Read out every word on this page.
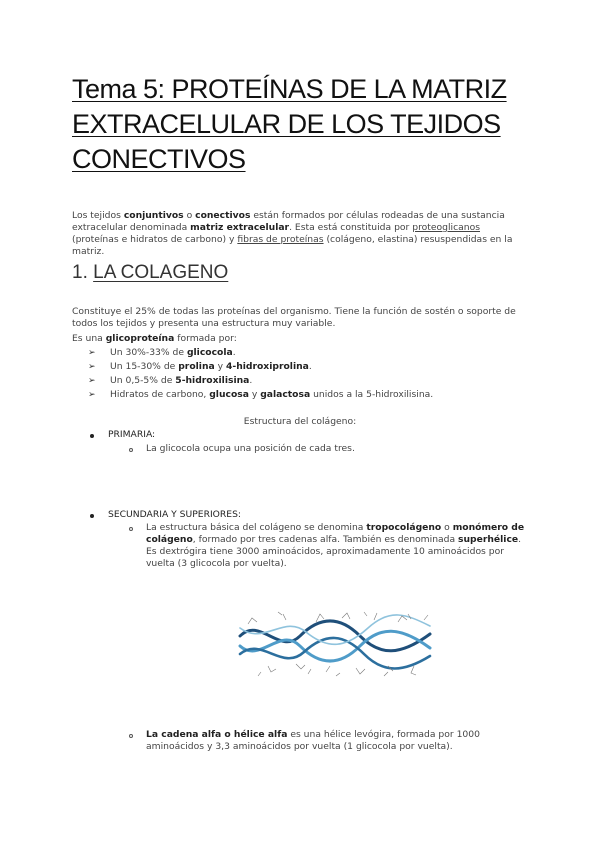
Tema 5: PROTEÍNAS DE LA MATRIZ EXTRACELULAR DE LOS TEJIDOS CONECTIVOS

Los tejidos conjuntivos o conectivos están formados por células rodeadas de una sustancia extracelular denominada matriz extracelular. Esta está constituida por proteoglicanos (proteínas e hidratos de carbono) y fibras de proteínas (colágeno, elastina) resuspendidas en la matriz.

1. LA COLAGENO

Constituye el 25% de todas las proteínas del organismo. Tiene la función de sostén o soporte de todos los tejidos y presenta una estructura muy variable.

Es una glicoproteína formada por:

➢ Un 30%-33% de glicocola.
➢ Un 15-30% de prolina y 4-hidroxiprolina.
➢ Un 0,5-5% de 5-hidroxilisina.
➢ Hidratos de carbono, glucosa y galactosa unidos a la 5-hidroxilisina.
Estructura del colágeno:
PRIMARIA:
La glicocola ocupa una posición de cada tres.
SECUNDARIA Y SUPERIORES:

La estructura básica del colágeno se denomina tropocolágeno o monómero de colágeno, formado por tres cadenas alfa. También es denominada superhélice. Es dextrógira tiene 3000 aminoácidos, aproximadamente 10 aminoácidos por vuelta (3 glicocola por vuelta).

La cadena alfa o hélice alfa es una hélice levógira, formada por 1000 aminoácidos y 3,3 aminoácidos por vuelta (1 glicocola por vuelta).
